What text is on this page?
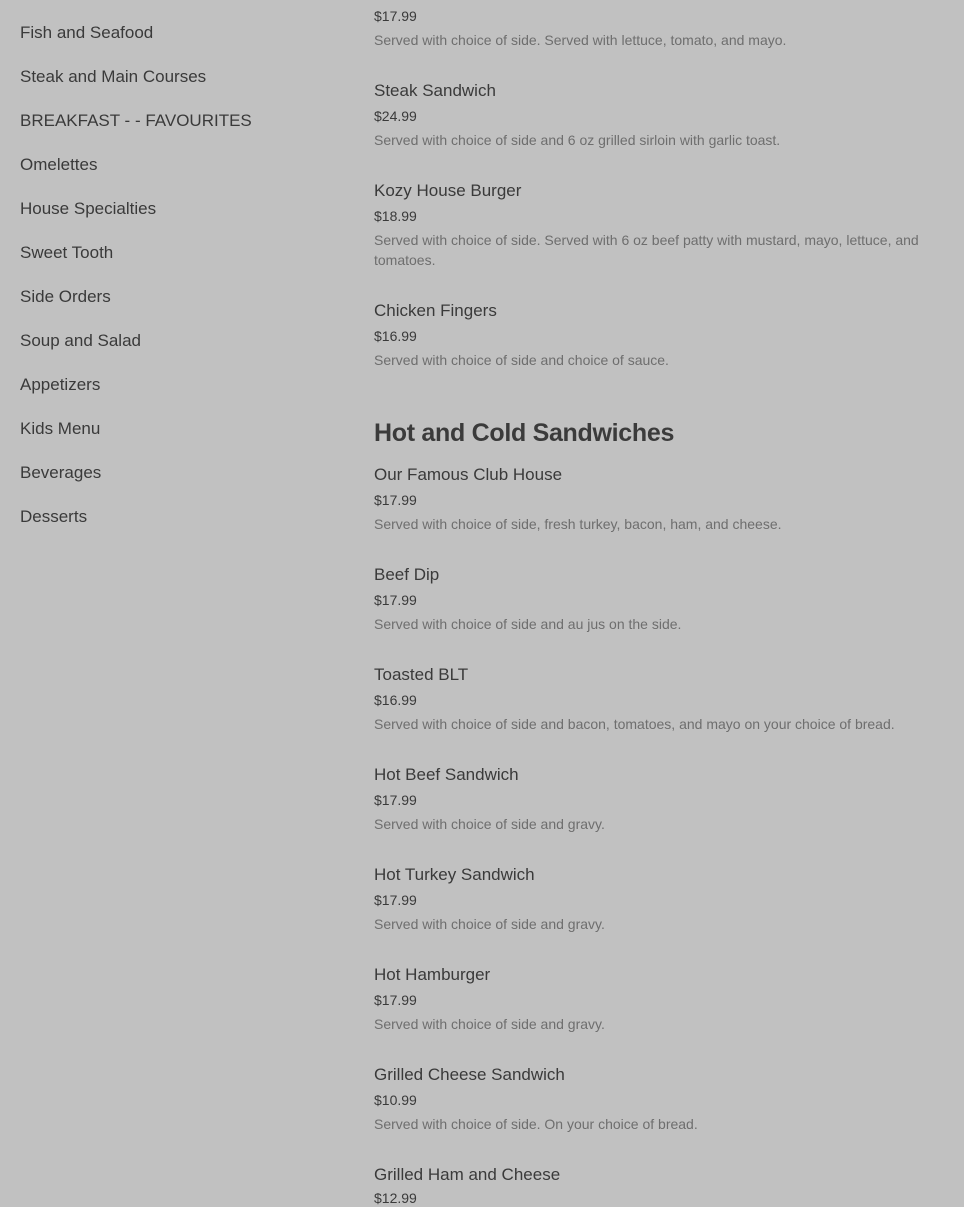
Fish and Seafood
Steak and Main Courses
BREAKFAST - - FAVOURITES
Omelettes
House Specialties
Sweet Tooth
Side Orders
Soup and Salad
Appetizers
Kids Menu
Beverages
Desserts
$17.99
Served with choice of side. Served with lettuce, tomato, and mayo.
Steak Sandwich
$24.99
Served with choice of side and 6 oz grilled sirloin with garlic toast.
Kozy House Burger
$18.99
Served with choice of side. Served with 6 oz beef patty with mustard, mayo, lettuce, and tomatoes.
Chicken Fingers
$16.99
Served with choice of side and choice of sauce.
Hot and Cold Sandwiches
Our Famous Club House
$17.99
Served with choice of side, fresh turkey, bacon, ham, and cheese.
Beef Dip
$17.99
Served with choice of side and au jus on the side.
Toasted BLT
$16.99
Served with choice of side and bacon, tomatoes, and mayo on your choice of bread.
Hot Beef Sandwich
$17.99
Served with choice of side and gravy.
Hot Turkey Sandwich
$17.99
Served with choice of side and gravy.
Hot Hamburger
$17.99
Served with choice of side and gravy.
Grilled Cheese Sandwich
$10.99
Served with choice of side. On your choice of bread.
Grilled Ham and Cheese
$12.99
